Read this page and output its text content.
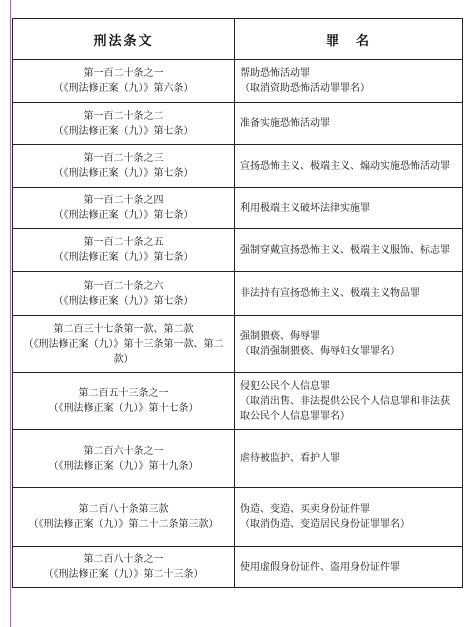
刑法条文	罪　名

第一百二十条之一
（《刑法修正案（九）》第六条）	帮助恐怖活动罪
（取消资助恐怖活动罪罪名）

第一百二十条之二
（《刑法修正案（九）》第七条）	准备实施恐怖活动罪

第一百二十条之三
（《刑法修正案（九）》第七条）	宣扬恐怖主义、极端主义、煽动实施恐怖活动罪

第一百二十条之四
（《刑法修正案（九）》第七条）	利用极端主义破坏法律实施罪

第一百二十条之五
（《刑法修正案（九）》第七条）	强制穿戴宣扬恐怖主义、极端主义服饰、标志罪

第一百二十条之六
（《刑法修正案（九）》第七条）	非法持有宣扬恐怖主义、极端主义物品罪

第二百三十七条第一款、第二款
（《刑法修正案（九）》第十三条第一款、第二款）	强制猥亵、侮辱罪
（取消强制猥亵、侮辱妇女罪罪名）

第二百五十三条之一
（《刑法修正案（九）》第十七条）	侵犯公民个人信息罪
（取消出售、非法提供公民个人信息罪和非法获取公民个人信息罪罪名）

第二百六十条之一
（《刑法修正案（九）》第十九条）	虐待被监护、看护人罪

第二百八十条第三款
（《刑法修正案（九）》第二十二条第三款）	伪造、变造、买卖身份证件罪
（取消伪造、变造居民身份证罪罪名）

第二百八十条之一
（《刑法修正案（九）》第二十三条）	使用虚假身份证件、盗用身份证件罪
